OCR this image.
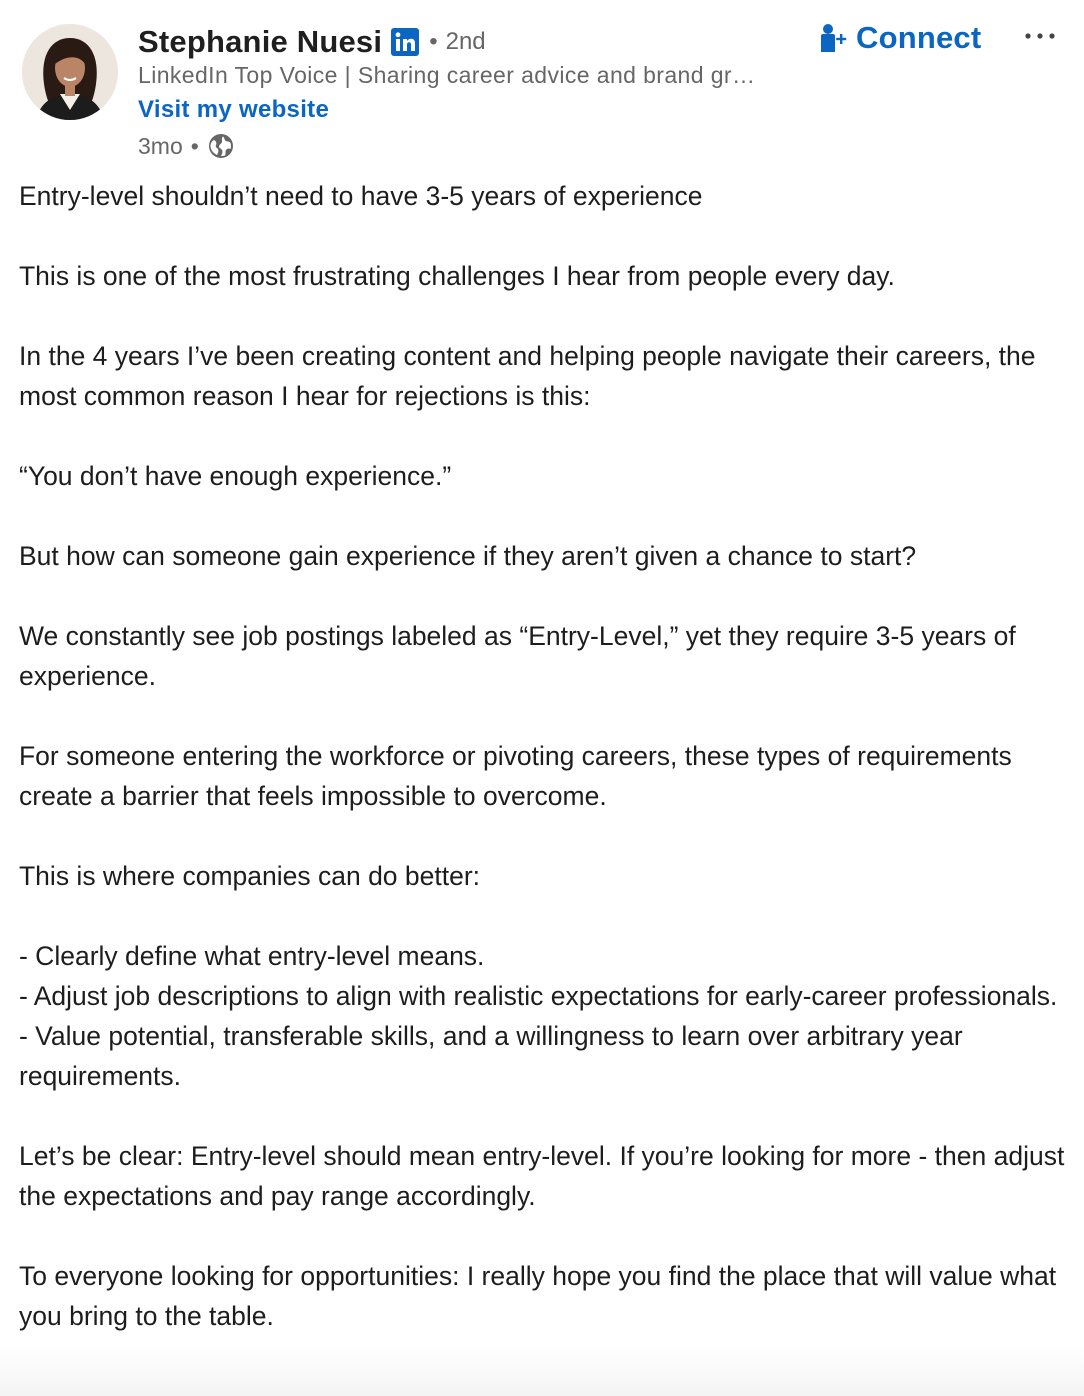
Stephanie Nuesi • 2nd
LinkedIn Top Voice | Sharing career advice and brand gr…
Visit my website
3mo •
Connect

Entry-level shouldn’t need to have 3-5 years of experience

This is one of the most frustrating challenges I hear from people every day.

In the 4 years I’ve been creating content and helping people navigate their careers, the most common reason I hear for rejections is this:

“You don’t have enough experience.”

But how can someone gain experience if they aren’t given a chance to start?

We constantly see job postings labeled as “Entry-Level,” yet they require 3-5 years of experience.

For someone entering the workforce or pivoting careers, these types of requirements create a barrier that feels impossible to overcome.

This is where companies can do better:

- Clearly define what entry-level means.

- Adjust job descriptions to align with realistic expectations for early-career professionals.

- Value potential, transferable skills, and a willingness to learn over arbitrary year requirements.

Let’s be clear: Entry-level should mean entry-level. If you’re looking for more - then adjust the expectations and pay range accordingly.

To everyone looking for opportunities: I really hope you find the place that will value what you bring to the table.
